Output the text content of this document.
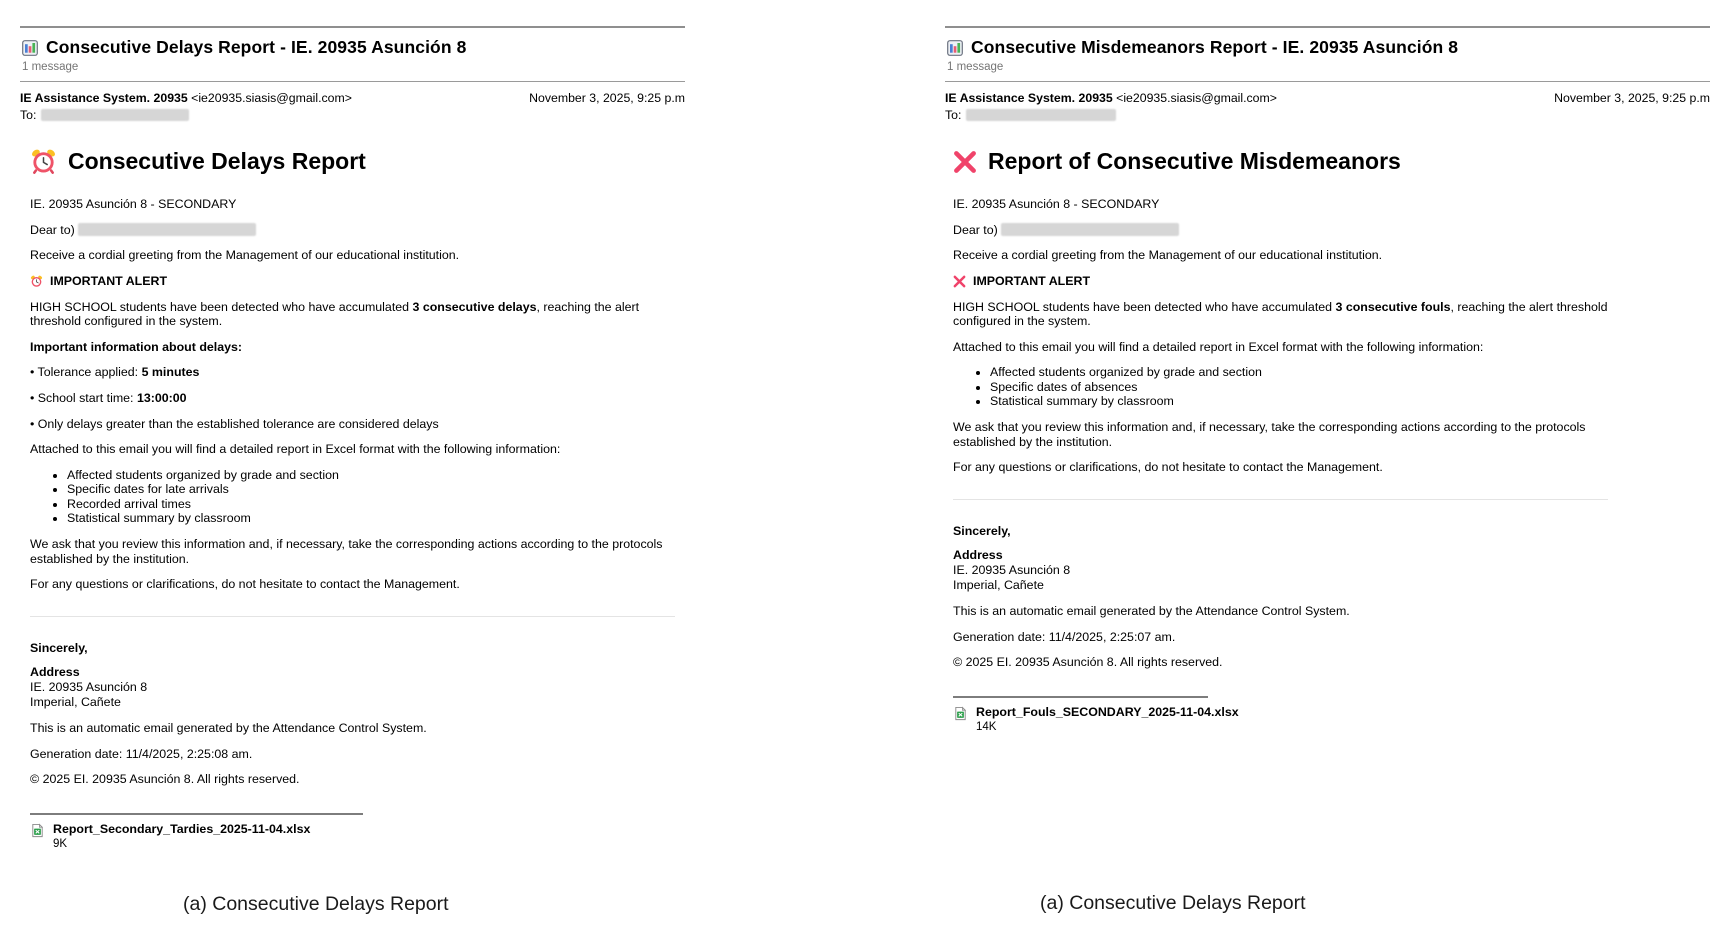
Consecutive Delays Report - IE. 20935 Asunción 8
1 message
IE Assistance System. 20935 <ie20935.siasis@gmail.com>	November 3, 2025, 9:25 p.m
To:
Consecutive Delays Report

IE. 20935 Asunción 8 - SECONDARY

Dear to)

Receive a cordial greeting from the Management of our educational institution.

IMPORTANT ALERT

HIGH SCHOOL students have been detected who have accumulated 3 consecutive delays, reaching the alert threshold configured in the system.

Important information about delays:

• Tolerance applied: 5 minutes

• School start time: 13:00:00

• Only delays greater than the established tolerance are considered delays

Attached to this email you will find a detailed report in Excel format with the following information:

• Affected students organized by grade and section
• Specific dates for late arrivals
• Recorded arrival times
• Statistical summary by classroom

We ask that you review this information and, if necessary, take the corresponding actions according to the protocols established by the institution.

For any questions or clarifications, do not hesitate to contact the Management.

Sincerely,

Address
IE. 20935 Asunción 8
Imperial, Cañete

This is an automatic email generated by the Attendance Control System.

Generation date: 11/4/2025, 2:25:08 am.

© 2025 EI. 20935 Asunción 8. All rights reserved.

Report_Secondary_Tardies_2025-11-04.xlsx
9K
Consecutive Misdemeanors Report - IE. 20935 Asunción 8
1 message
IE Assistance System. 20935 <ie20935.siasis@gmail.com>	November 3, 2025, 9:25 p.m
To:
Report of Consecutive Misdemeanors

IE. 20935 Asunción 8 - SECONDARY

Dear to)

Receive a cordial greeting from the Management of our educational institution.

IMPORTANT ALERT

HIGH SCHOOL students have been detected who have accumulated 3 consecutive fouls, reaching the alert threshold configured in the system.

Attached to this email you will find a detailed report in Excel format with the following information:

• Affected students organized by grade and section
• Specific dates of absences
• Statistical summary by classroom

We ask that you review this information and, if necessary, take the corresponding actions according to the protocols established by the institution.

For any questions or clarifications, do not hesitate to contact the Management.

Sincerely,

Address
IE. 20935 Asunción 8
Imperial, Cañete

This is an automatic email generated by the Attendance Control System.

Generation date: 11/4/2025, 2:25:07 am.

© 2025 EI. 20935 Asunción 8. All rights reserved.

Report_Fouls_SECONDARY_2025-11-04.xlsx
14K
(a) Consecutive Delays Report	(a) Consecutive Delays Report
